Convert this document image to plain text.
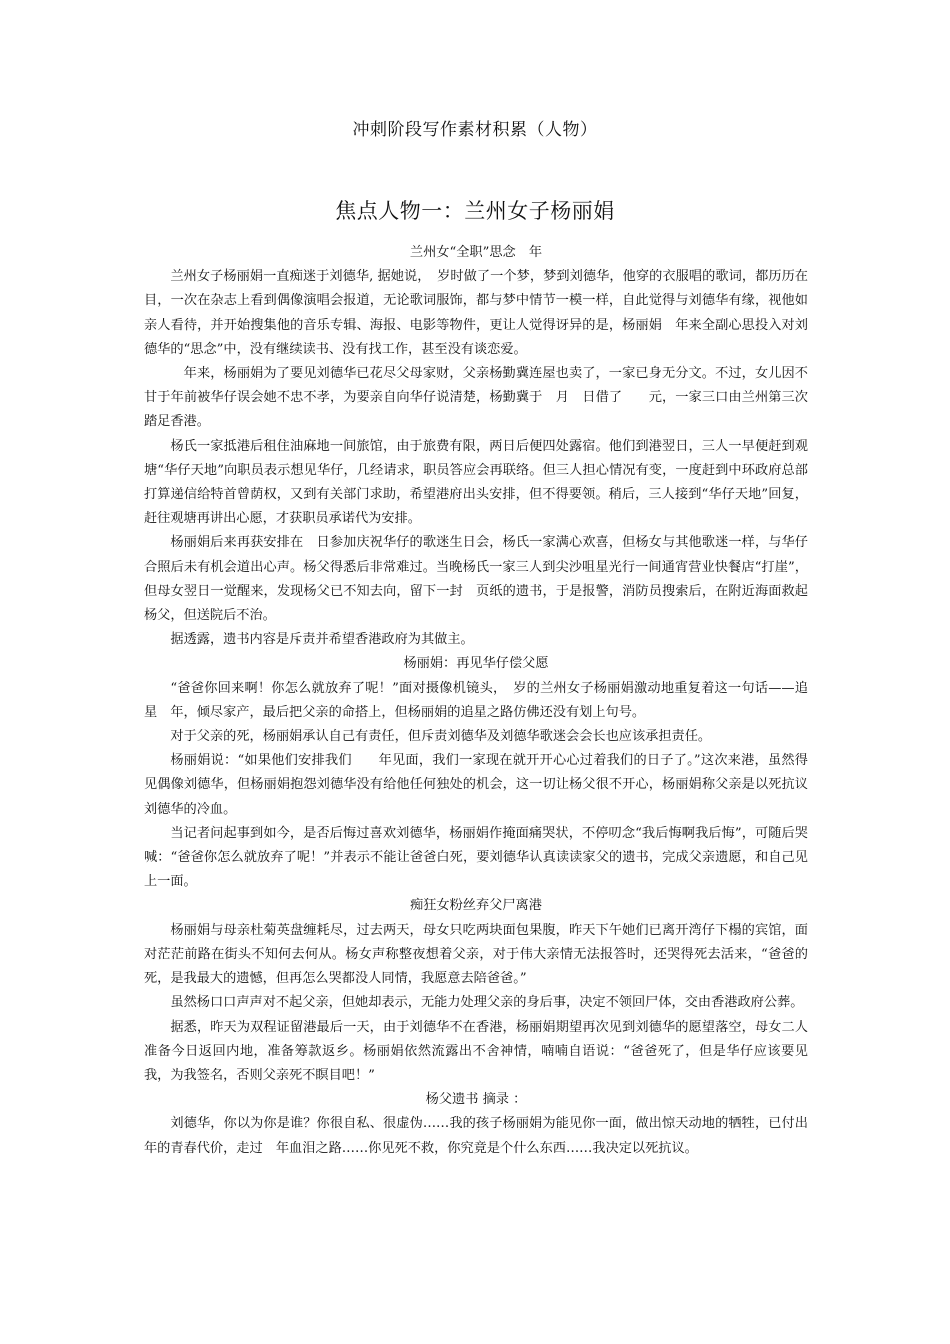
冲刺阶段写作素材积累（人物）
焦点人物一：兰州女子杨丽娟
兰州女“全职”思念　年

兰州女子杨丽娟一直痴迷于刘德华, 据她说，　岁时做了一个梦，梦到刘德华，他穿的衣服唱的歌词，都历历在目，一次在杂志上看到偶像演唱会报道，无论歌词服饰，都与梦中情节一模一样，自此觉得与刘德华有缘，视他如亲人看待，并开始搜集他的音乐专辑、海报、电影等物件，更让人觉得讶异的是，杨丽娟　年来全副心思投入对刘德华的“思念”中，没有继续读书、没有找工作，甚至没有谈恋爱。

　年来，杨丽娟为了要见刘德华已花尽父母家财，父亲杨勤冀连屋也卖了，一家已身无分文。不过，女儿因不甘于年前被华仔误会她不忠不孝，为要亲自向华仔说清楚，杨勤冀于　月　日借了　　元，一家三口由兰州第三次踏足香港。

杨氏一家抵港后租住油麻地一间旅馆，由于旅费有限，两日后便四处露宿。他们到港翌日，三人一早便赶到观塘“华仔天地”向职员表示想见华仔，几经请求，职员答应会再联络。但三人担心情况有变，一度赶到中环政府总部打算递信给特首曾荫权，又到有关部门求助，希望港府出头安排，但不得要领。稍后，三人接到“华仔天地”回复，赶往观塘再讲出心愿，才获职员承诺代为安排。

杨丽娟后来再获安排在　日参加庆祝华仔的歌迷生日会，杨氏一家满心欢喜，但杨女与其他歌迷一样，与华仔合照后未有机会道出心声。杨父得悉后非常难过。当晚杨氏一家三人到尖沙咀星光行一间通宵营业快餐店“打崖”，但母女翌日一觉醒来，发现杨父已不知去向，留下一封　页纸的遗书，于是报警，消防员搜索后，在附近海面救起杨父，但送院后不治。

据透露，遗书内容是斥责并希望香港政府为其做主。

杨丽娟：再见华仔偿父愿

“爸爸你回来啊！你怎么就放弃了呢！”面对摄像机镜头，　岁的兰州女子杨丽娟激动地重复着这一句话——追星　年，倾尽家产，最后把父亲的命搭上，但杨丽娟的追星之路仿佛还没有划上句号。

对于父亲的死，杨丽娟承认自己有责任，但斥责刘德华及刘德华歌迷会会长也应该承担责任。

杨丽娟说：“如果他们安排我们　　年见面，我们一家现在就开开心心过着我们的日子了。”这次来港，虽然得见偶像刘德华，但杨丽娟抱怨刘德华没有给他任何独处的机会，这一切让杨父很不开心，杨丽娟称父亲是以死抗议刘德华的冷血。

当记者问起事到如今，是否后悔过喜欢刘德华，杨丽娟作掩面痛哭状，不停叨念“我后悔啊我后悔”，可随后哭喊：“爸爸你怎么就放弃了呢！”并表示不能让爸爸白死，要刘德华认真读读家父的遗书，完成父亲遗愿，和自己见上一面。

痴狂女粉丝弃父尸离港

杨丽娟与母亲杜菊英盘缠耗尽，过去两天，母女只吃两块面包果腹，昨天下午她们已离开湾仔下榻的宾馆，面对茫茫前路在街头不知何去何从。杨女声称整夜想着父亲，对于伟大亲情无法报答时，还哭得死去活来，“爸爸的死，是我最大的遗憾，但再怎么哭都没人同情，我愿意去陪爸爸。”

虽然杨口口声声对不起父亲，但她却表示，无能力处理父亲的身后事，决定不领回尸体，交由香港政府公葬。

据悉，昨天为双程证留港最后一天，由于刘德华不在香港，杨丽娟期望再次见到刘德华的愿望落空，母女二人准备今日返回内地，准备筹款返乡。杨丽娟依然流露出不舍神情，喃喃自语说：“爸爸死了，但是华仔应该要见我，为我签名，否则父亲死不瞑目吧！”

杨父遗书 摘录 ：

刘德华，你以为你是谁？你很自私、很虚伪……我的孩子杨丽娟为能见你一面，做出惊天动地的牺牲，已付出　年的青春代价，走过　年血泪之路……你见死不救，你究竟是个什么东西……我决定以死抗议。
